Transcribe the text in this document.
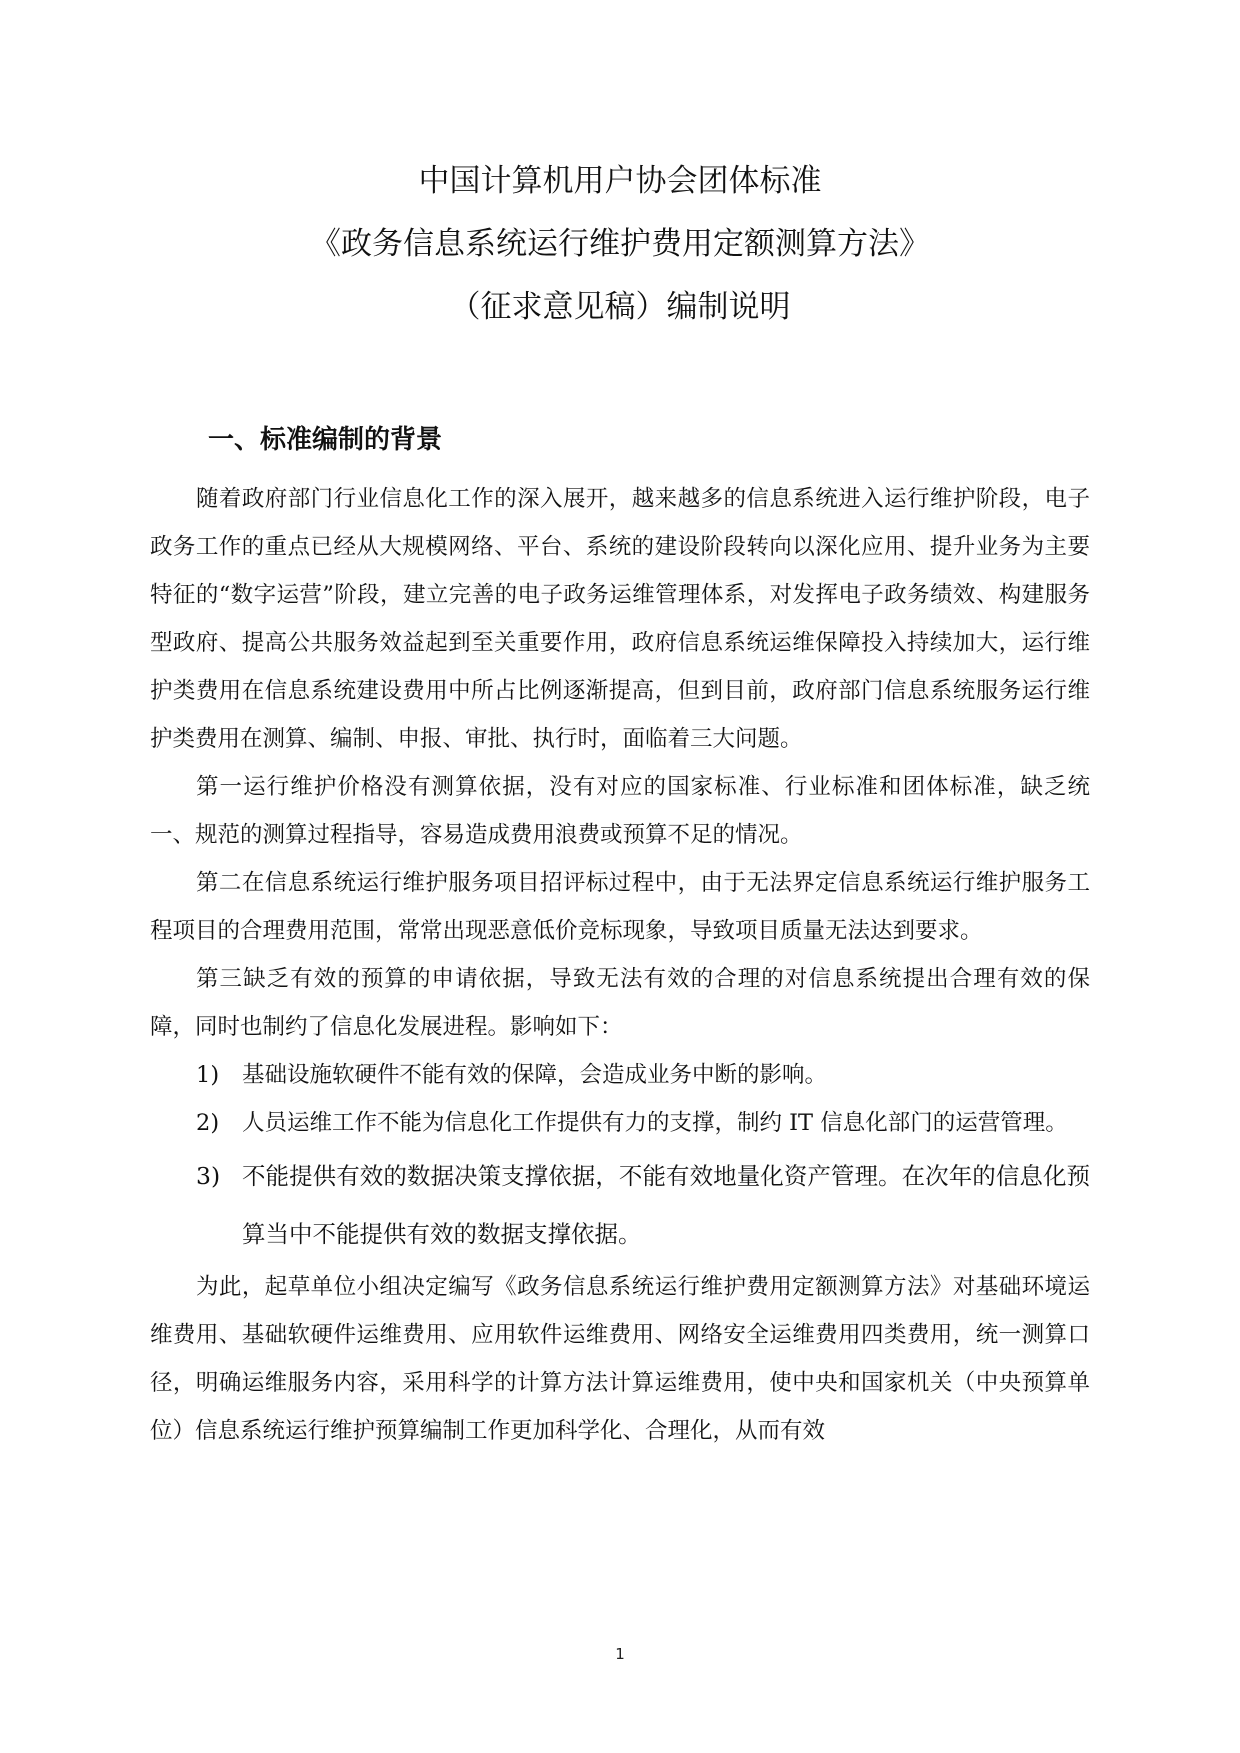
中国计算机用户协会团体标准
《政务信息系统运行维护费用定额测算方法》
（征求意见稿）编制说明
一、标准编制的背景

随着政府部门行业信息化工作的深入展开，越来越多的信息系统进入运行维护阶段，电子政务工作的重点已经从大规模网络、平台、系统的建设阶段转向以深化应用、提升业务为主要特征的“数字运营”阶段，建立完善的电子政务运维管理体系，对发挥电子政务绩效、构建服务型政府、提高公共服务效益起到至关重要作用，政府信息系统运维保障投入持续加大，运行维护类费用在信息系统建设费用中所占比例逐渐提高，但到目前，政府部门信息系统服务运行维护类费用在测算、编制、申报、审批、执行时，面临着三大问题。

第一运行维护价格没有测算依据，没有对应的国家标准、行业标准和团体标准，缺乏统一、规范的测算过程指导，容易造成费用浪费或预算不足的情况。

第二在信息系统运行维护服务项目招评标过程中，由于无法界定信息系统运行维护服务工程项目的合理费用范围，常常出现恶意低价竞标现象，导致项目质量无法达到要求。

第三缺乏有效的预算的申请依据，导致无法有效的合理的对信息系统提出合理有效的保障，同时也制约了信息化发展进程。影响如下：

1) 基础设施软硬件不能有效的保障，会造成业务中断的影响。
2) 人员运维工作不能为信息化工作提供有力的支撑，制约 IT 信息化部门的运营管理。
3) 不能提供有效的数据决策支撑依据，不能有效地量化资产管理。在次年的信息化预算当中不能提供有效的数据支撑依据。

为此，起草单位小组决定编写《政务信息系统运行维护费用定额测算方法》对基础环境运维费用、基础软硬件运维费用、应用软件运维费用、网络安全运维费用四类费用，统一测算口径，明确运维服务内容，采用科学的计算方法计算运维费用，使中央和国家机关（中央预算单位）信息系统运行维护预算编制工作更加科学化、合理化，从而有效

1
